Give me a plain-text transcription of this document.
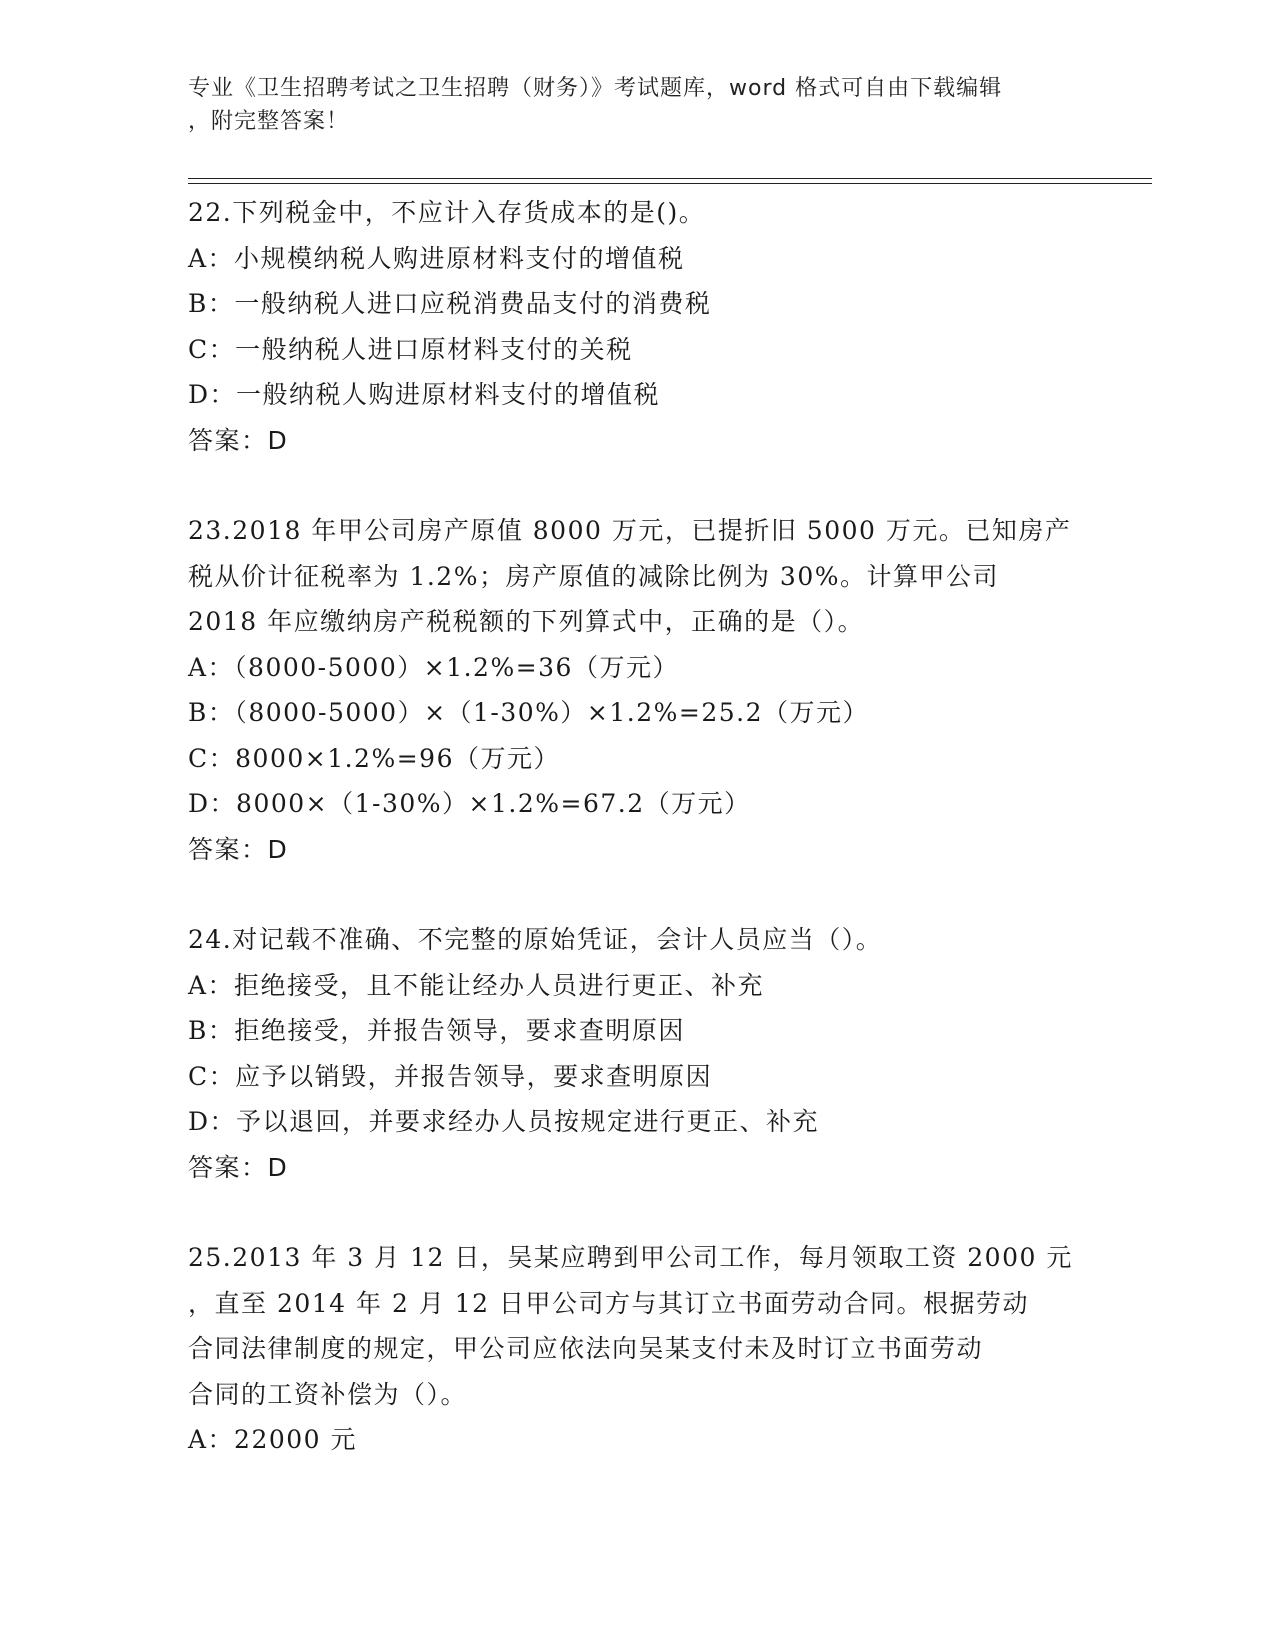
专业《卫生招聘考试之卫生招聘（财务）》考试题库，word 格式可自由下载编辑
，附完整答案！
22.下列税金中，不应计入存货成本的是()。
A：小规模纳税人购进原材料支付的增值税
B：一般纳税人进口应税消费品支付的消费税
C：一般纳税人进口原材料支付的关税
D：一般纳税人购进原材料支付的增值税
答案：D
23.2018 年甲公司房产原值 8000 万元，已提折旧 5000 万元。已知房产
税从价计征税率为 1.2%；房产原值的减除比例为 30%。计算甲公司
2018 年应缴纳房产税税额的下列算式中，正确的是（）。
A：（8000-5000）×1.2%=36（万元）
B：（8000-5000）×（1-30%）×1.2%=25.2（万元）
C：8000×1.2%=96（万元）
D：8000×（1-30%）×1.2%=67.2（万元）
答案：D
24.对记载不准确、不完整的原始凭证，会计人员应当（）。
A：拒绝接受，且不能让经办人员进行更正、补充
B：拒绝接受，并报告领导，要求查明原因
C：应予以销毁，并报告领导，要求查明原因
D：予以退回，并要求经办人员按规定进行更正、补充
答案：D
25.2013 年 3 月 12 日，吴某应聘到甲公司工作，每月领取工资 2000 元
，直至 2014 年 2 月 12 日甲公司方与其订立书面劳动合同。根据劳动
合同法律制度的规定，甲公司应依法向吴某支付未及时订立书面劳动
合同的工资补偿为（）。
A：22000 元
